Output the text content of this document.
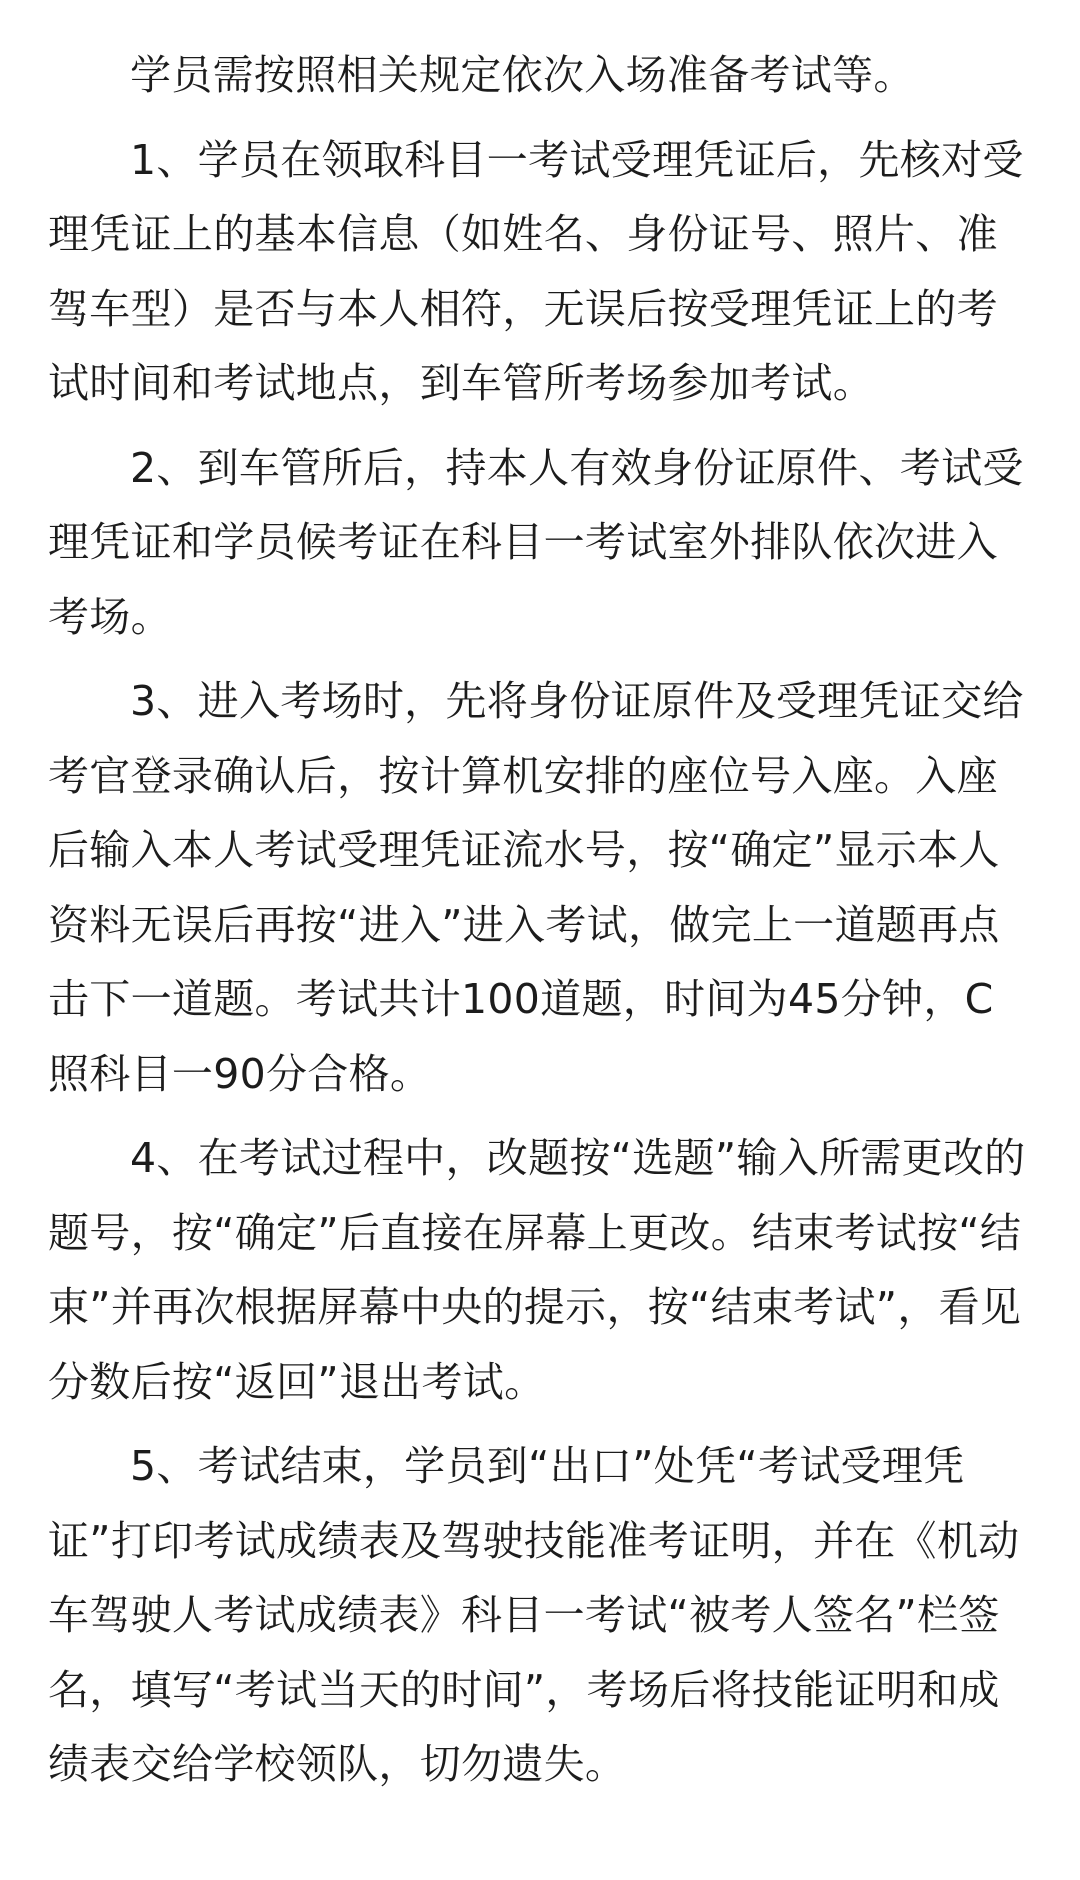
学员需按照相关规定依次入场准备考试等。

1、学员在领取科目一考试受理凭证后，先核对受理凭证上的基本信息（如姓名、身份证号、照片、准驾车型）是否与本人相符，无误后按受理凭证上的考试时间和考试地点，到车管所考场参加考试。

2、到车管所后，持本人有效身份证原件、考试受理凭证和学员候考证在科目一考试室外排队依次进入考场。

3、进入考场时，先将身份证原件及受理凭证交给考官登录确认后，按计算机安排的座位号入座。入座后输入本人考试受理凭证流水号，按“确定”显示本人资料无误后再按“进入”进入考试，做完上一道题再点击下一道题。考试共计100道题，时间为45分钟，C照科目一90分合格。

4、在考试过程中，改题按“选题”输入所需更改的题号，按“确定”后直接在屏幕上更改。结束考试按“结束”并再次根据屏幕中央的提示，按“结束考试”，看见分数后按“返回”退出考试。

5、考试结束，学员到“出口”处凭“考试受理凭证”打印考试成绩表及驾驶技能准考证明，并在《机动车驾驶人考试成绩表》科目一考试“被考人签名”栏签名，填写“考试当天的时间”，考场后将技能证明和成绩表交给学校领队，切勿遗失。
